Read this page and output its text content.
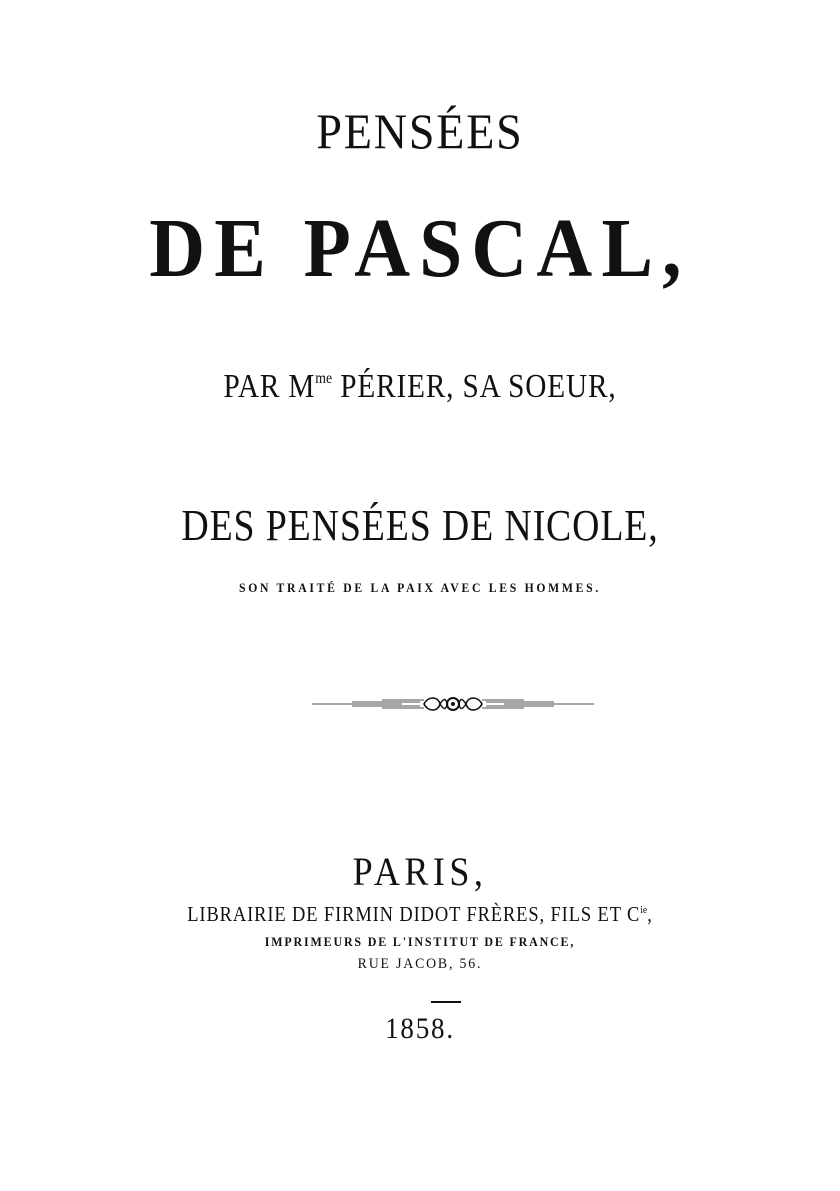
PENSÉES
DE PASCAL,
PAR $M^{me}$ PÉRIER, SA SOEUR,
DES PENSÉES DE NICOLE,
SON TRAITÉ DE LA PAIX AVEC LES HOMMES.
PARIS,
LIBRAIRIE DE FIRMIN DIDOT FRÈRES, FILS ET $C^{ie}$,
IMPRIMEURS DE L'INSTITUT DE FRANCE,
RUE JACOB, 56.
1858.
